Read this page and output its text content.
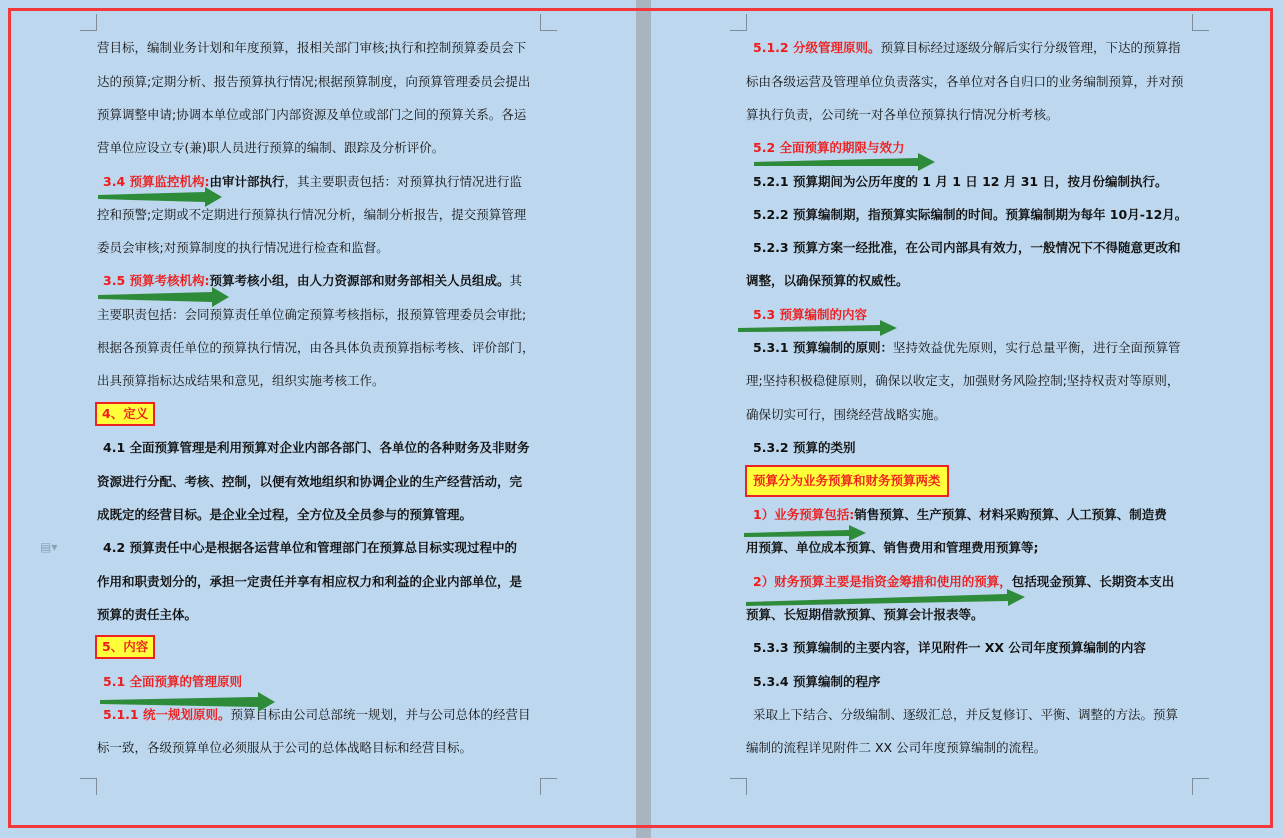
▤▾
营目标，编制业务计划和年度预算，报相关部门审核;执行和控制预算委员会下
达的预算;定期分析、报告预算执行情况;根据预算制度，向预算管理委员会提出
预算调整申请;协调本单位或部门内部资源及单位或部门之间的预算关系。各运
营单位应设立专(兼)职人员进行预算的编制、跟踪及分析评价。
3.4 预算监控机构:由审计部执行，其主要职责包括：对预算执行情况进行监
控和预警;定期或不定期进行预算执行情况分析，编制分析报告，提交预算管理
委员会审核;对预算制度的执行情况进行检查和监督。
3.5 预算考核机构:预算考核小组，由人力资源部和财务部相关人员组成。其
主要职责包括：会同预算责任单位确定预算考核指标，报预算管理委员会审批;
根据各预算责任单位的预算执行情况，由各具体负责预算指标考核、评价部门，
出具预算指标达成结果和意见，组织实施考核工作。
4、定义
4.1 全面预算管理是利用预算对企业内部各部门、各单位的各种财务及非财务
资源进行分配、考核、控制，以便有效地组织和协调企业的生产经营活动，完
成既定的经营目标。是企业全过程，全方位及全员参与的预算管理。
4.2 预算责任中心是根据各运营单位和管理部门在预算总目标实现过程中的
作用和职责划分的，承担一定责任并享有相应权力和利益的企业内部单位，是
预算的责任主体。
5、内容
5.1 全面预算的管理原则
5.1.1 统一规划原则。预算目标由公司总部统一规划，并与公司总体的经营目
标一致，各级预算单位必须服从于公司的总体战略目标和经营目标。
5.1.2 分级管理原则。预算目标经过逐级分解后实行分级管理，下达的预算指
标由各级运营及管理单位负责落实，各单位对各自归口的业务编制预算，并对预
算执行负责，公司统一对各单位预算执行情况分析考核。
5.2 全面预算的期限与效力
5.2.1 预算期间为公历年度的 1 月 1 日 12 月 31 日，按月份编制执行。
5.2.2 预算编制期，指预算实际编制的时间。预算编制期为每年 10月-12月。
5.2.3 预算方案一经批准，在公司内部具有效力，一般情况下不得随意更改和
调整，以确保预算的权威性。
5.3 预算编制的内容
5.3.1 预算编制的原则：坚持效益优先原则，实行总量平衡，进行全面预算管
理;坚持积极稳健原则，确保以收定支，加强财务风险控制;坚持权责对等原则，
确保切实可行，围绕经营战略实施。
5.3.2 预算的类别
预算分为业务预算和财务预算两类
1）业务预算包括:销售预算、生产预算、材料采购预算、人工预算、制造费
用预算、单位成本预算、销售费用和管理费用预算等;
2）财务预算主要是指资金筹措和使用的预算，包括现金预算、长期资本支出
预算、长短期借款预算、预算会计报表等。
5.3.3 预算编制的主要内容，详见附件一 XX 公司年度预算编制的内容
5.3.4 预算编制的程序
采取上下结合、分级编制、逐级汇总，并反复修订、平衡、调整的方法。预算
编制的流程详见附件二 XX 公司年度预算编制的流程。
